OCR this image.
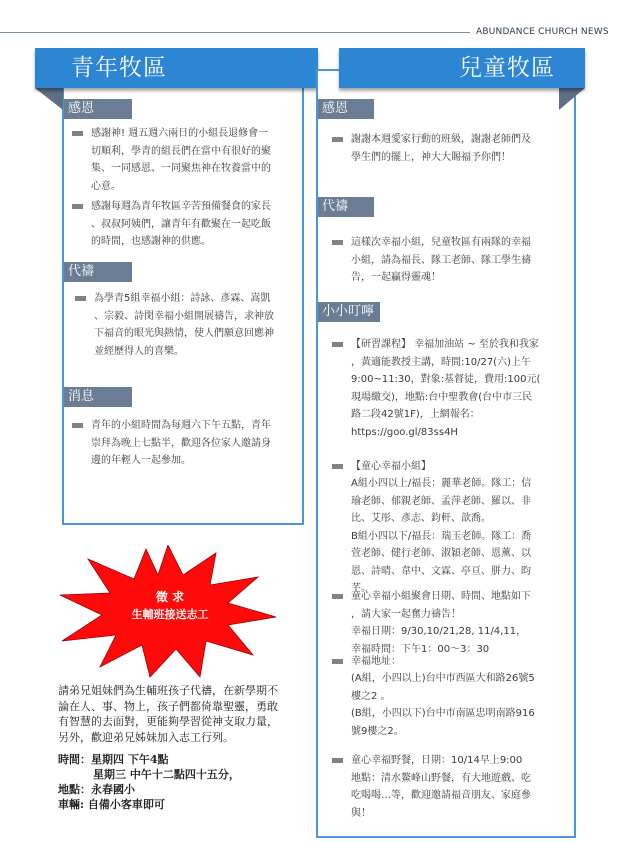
ABUNDANCE CHURCH NEWS
青年牧區
感恩
感謝神! 週五週六兩日的小組長退修會一
切順利，學青的組長們在當中有很好的聚
集、一同感恩、一同聚焦神在牧養當中的
心意。
感謝每週為青年牧區辛苦預備餐食的家長
、叔叔阿姨們，讓青年有歡聚在一起吃飯
的時間，也感謝神的供應。
代禱
為學青5組幸福小組：詩詠、彥霖、嵩凱
、宗毅、詩閔幸福小組開展禱告，求神放
下福音的眼光與熱情，使人們願意回應神
並經歷得人的喜樂。
消息
青年的小組時間為每週六下午五點，青年
崇拜為晚上七點半，歡迎各位家人邀請身
邊的年輕人一起參加。
兒童牧區
感恩
謝謝本週愛家行動的班級，謝謝老師們及
學生們的擺上，神大大賜福予你們！
代禱
這樣次幸福小組，兒童牧區有兩隊的幸福
小組，請為福長、隊工老師、隊工學生禱
告，一起贏得靈魂！
小小叮嚀
【研習課程】 幸福加油站 ~ 至於我和我家
，黃適能教授主講，時間:10/27(六)上午
9:00~11:30，對象:基督徒，費用:100元(
現場繳交)，地點:台中聖教會(台中市三民
路二段42號1F)，上網報名：
https://goo.gl/83ss4H
【童心幸福小組】
A組小四以上/福長：麗華老師。隊工：信
瑜老師、郁親老師、孟萍老師、羅以、非
比、艾彤、彥志、鈞軒、歆喬。
B組小四以下/福長：瑞玉老師。隊工：喬
萱老師、健行老師、淑穎老師、恩薰、以
恩、詩晴、韋中、文霖、亭亘、胼力、昀
芊。
童心幸福小組聚會日期、時間、地點如下
，請大家一起奮力禱告！
幸福日期：9/30,10/21,28, 11/4,11，
幸福時間：下午1：00～3：30
幸福地址：
(A組，小四以上)台中市西區大和路26號5
樓之2 。
(B組，小四以下)台中市南區忠明南路916
號9樓之2。
童心幸福野餐，日期：10/14早上9:00
地點：清水鰲峰山野餐，有大地遊戲、吃
吃喝喝…等，歡迎邀請福音朋友、家庭參
與！
徵 求
生輔班接送志工
請弟兄姐妹們為生輔班孩子代禱，在新學期不
論在人、事、物上，孩子們都倚靠聖靈，勇敢
有智慧的去面對，更能夠學習從神支取力量，
另外，歡迎弟兄姊妹加入志工行列。
時間：星期四 下午4點
星期三 中午十二點四十五分，
地點：永春國小
車輛: 自備小客車即可
